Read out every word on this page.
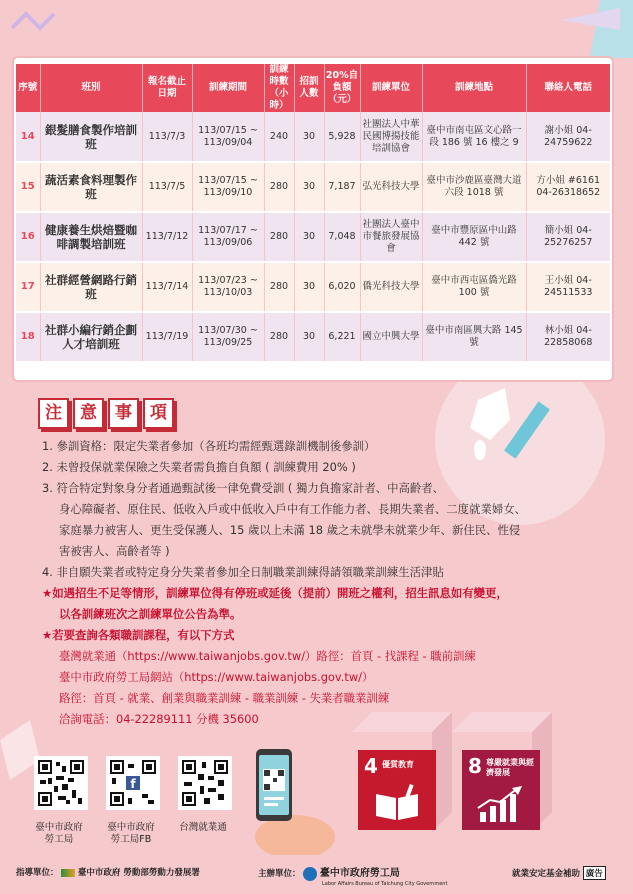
序號	班別	報名截止日期	訓練期間	訓練時數（小時）	招訓人數	20%自負額（元）	訓練單位	訓練地點	聯絡人電話
14	銀髮膳食製作培訓班	113/7/3	113/07/15 ~ 113/09/04	240	30	5,928	社團法人中華民國博揚技能培訓協會	臺中市南屯區文心路一段 186 號 16 樓之 9	謝小姐 04-24759622
15	蔬活素食料理製作班	113/7/5	113/07/15 ~ 113/09/10	280	30	7,187	弘光科技大學	臺中市沙鹿區臺灣大道六段 1018 號	方小姐 #6161 04-26318652
16	健康養生烘焙暨咖啡調製培訓班	113/7/12	113/07/17 ~ 113/09/06	280	30	7,048	社團法人臺中市餐旅發展協會	臺中市豐原區中山路 442 號	簡小姐 04-25276257
17	社群經營網路行銷班	113/7/14	113/07/23 ~ 113/10/03	280	30	6,020	僑光科技大學	臺中市西屯區僑光路 100 號	王小姐 04-24511533
18	社群小編行銷企劃人才培訓班	113/7/19	113/07/30 ~ 113/09/25	280	30	6,221	國立中興大學	臺中市南區興大路 145 號	林小姐 04-22858068
注	意	事	項

1. 參訓資格：限定失業者參加（各班均需經甄選錄訓機制後參訓）

2. 未曾投保就業保險之失業者需負擔自負額 ( 訓練費用 20% )

3. 符合特定對象身分者通過甄試後一律免費受訓 ( 獨力負擔家計者、中高齡者、

身心障礙者、原住民、低收入戶或中低收入戶中有工作能力者、長期失業者、二度就業婦女、

家庭暴力被害人、更生受保護人、15 歲以上未滿 18 歲之未就學未就業少年、新住民、性侵

害被害人、高齡者等 )

4. 非自願失業者或特定身分失業者參加全日制職業訓練得請領職業訓練生活津貼

★如遇招生不足等情形，訓練單位得有停班或延後（提前）開班之權利，招生訊息如有變更，

以各訓練班次之訓練單位公告為準。

★若要查詢各類職訓課程，有以下方式

臺灣就業通（https://www.taiwanjobs.gov.tw/）路徑：首頁 - 找課程 - 職前訓練

臺中市政府勞工局網站（https://www.taiwanjobs.gov.tw/）

路徑：首頁 - 就業、創業與職業訓練 - 職業訓練 - 失業者職業訓練

洽詢電話：04-22289111 分機 35600

臺中市政府
勞工局
f
臺中市政府
勞工局FB
台灣就業通
4 優質教育	8 尊嚴就業與經濟發展
指導單位： 臺中市政府 勞動部勞動力發展署	主辦單位： 臺中市政府勞工局
Labor Affairs Bureau of Taichung City Government
就業安定基金補助 廣告
